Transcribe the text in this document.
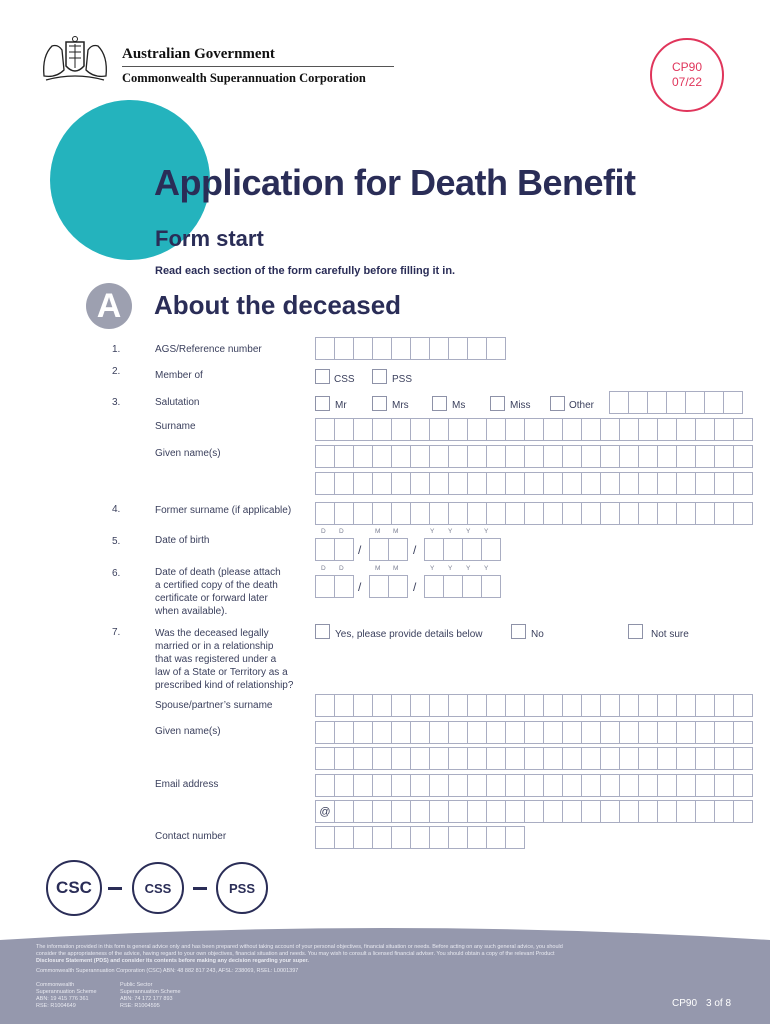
Australian Government
Commonwealth Superannuation Corporation
CP90
07/22
Application for Death Benefit
Form start
Read each section of the form carefully before filling it in.
A	About the deceased
1.	AGS/Reference number
2.	Member of	CSS	PSS
3.	Salutation	Mr	Mrs	Ms	Miss	Other
Surname
Given name(s)
4.	Former surname (if applicable)
5.	Date of birth
D D	M M	Y Y Y Y
/	/
6.	Date of death (please attach
a certified copy of the death
certificate or forward later
when available).
D D	M M	Y Y Y Y
/	/
7.	Was the deceased legally
married or in a relationship
that was registered under a
law of a State or Territory as a
prescribed kind of relationship?
Yes, please provide details below	No	Not sure
Spouse/partner’s surname
Given name(s)
Email address
@
Contact number
CSC	CSS	PSS
The information provided in this form is general advice only and has been prepared without taking account of your personal objectives, financial situation or needs. Before acting on any such general advice, you should
consider the appropriateness of the advice, having regard to your own objectives, financial situation and needs. You may wish to consult a licensed financial adviser. You should obtain a copy of the relevant Product
Disclosure Statement (PDS) and consider its contents before making any decision regarding your super.
Commonwealth Superannuation Corporation (CSC) ABN: 48 882 817 243, AFSL: 238069, RSEL: L0001397
Commonwealth
Superannuation Scheme
ABN: 19 415 776 361
RSE: R1004649
Public Sector
Superannuation Scheme
ABN: 74 172 177 893
RSE: R1004595	CP90 3 of 8
